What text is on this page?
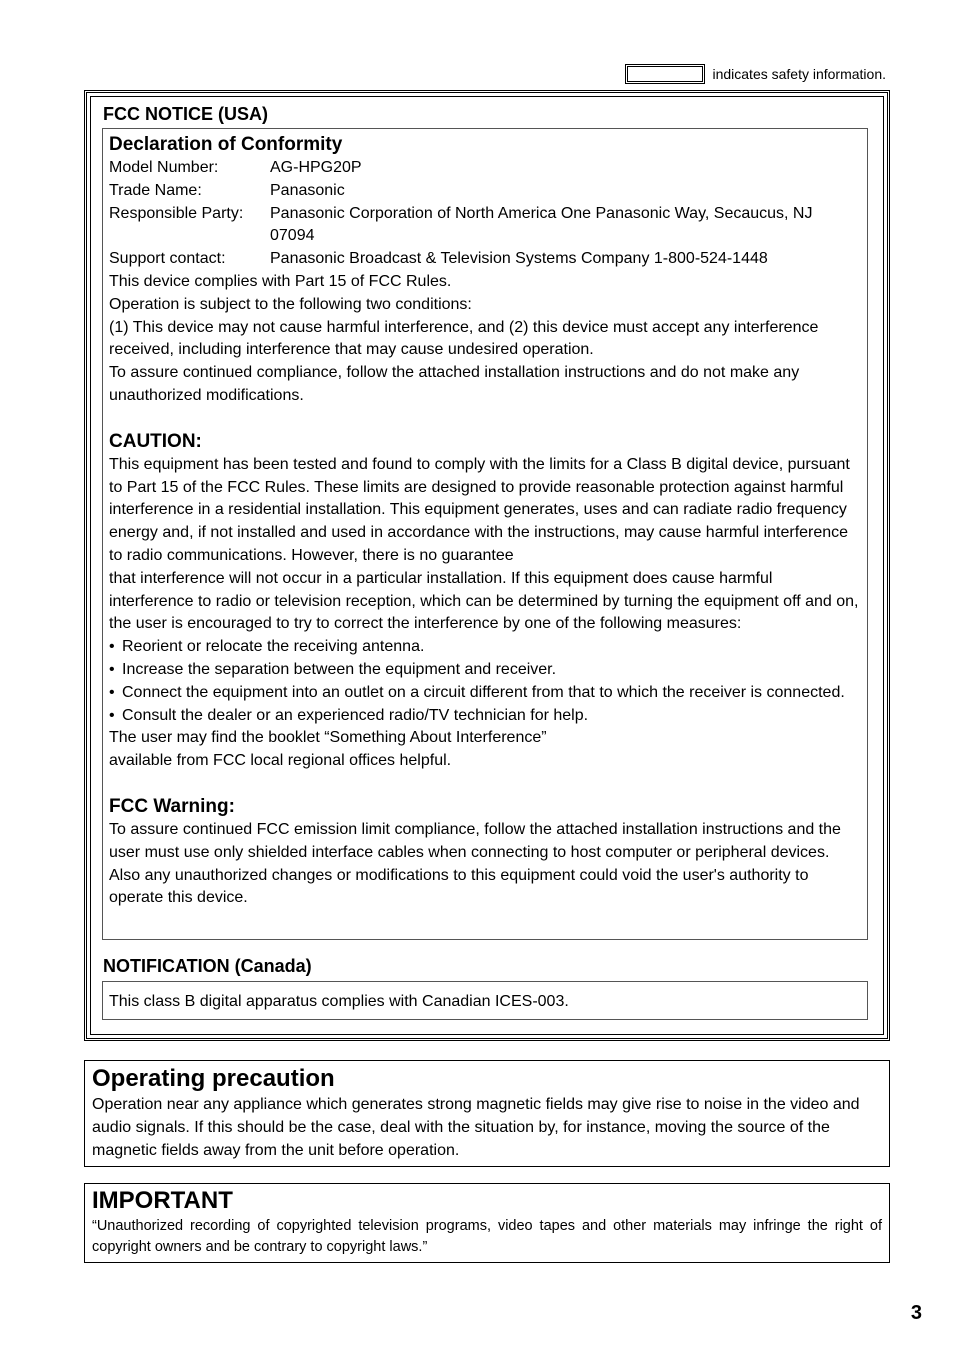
indicates safety information.
FCC NOTICE (USA)
Declaration of Conformity
Model Number:	AG-HPG20P
Trade Name:	Panasonic
Responsible Party:	Panasonic Corporation of North America One Panasonic Way, Secaucus, NJ 07094
Support contact:	Panasonic Broadcast & Television Systems Company 1-800-524-1448
This device complies with Part 15 of FCC Rules.
Operation is subject to the following two conditions:
(1) This device may not cause harmful interference, and (2) this device must accept any interference received, including interference that may cause undesired operation.
To assure continued compliance, follow the attached installation instructions and do not make any unauthorized modifications.
CAUTION:
This equipment has been tested and found to comply with the limits for a Class B digital device, pursuant to Part 15 of the FCC Rules. These limits are designed to provide reasonable protection against harmful interference in a residential installation. This equipment generates, uses and can radiate radio frequency energy and, if not installed and used in accordance with the instructions, may cause harmful interference to radio communications. However, there is no guarantee
that interference will not occur in a particular installation. If this equipment does cause harmful interference to radio or television reception, which can be determined by turning the equipment off and on, the user is encouraged to try to correct the interference by one of the following measures:
• Reorient or relocate the receiving antenna.
• Increase the separation between the equipment and receiver.
• Connect the equipment into an outlet on a circuit different from that to which the receiver is connected.
• Consult the dealer or an experienced radio/TV technician for help.
The user may find the booklet “Something About Interference”
available from FCC local regional offices helpful.
FCC Warning:
To assure continued FCC emission limit compliance, follow the attached installation instructions and the user must use only shielded interface cables when connecting to host computer or peripheral devices. Also any unauthorized changes or modifications to this equipment could void the user's authority to operate this device.
NOTIFICATION (Canada)
This class B digital apparatus complies with Canadian ICES-003.
Operating precaution
Operation near any appliance which generates strong magnetic fields may give rise to noise in the video and audio signals. If this should be the case, deal with the situation by, for instance, moving the source of the magnetic fields away from the unit before operation.
IMPORTANT
“Unauthorized recording of copyrighted television programs, video tapes and other materials may infringe the right of copyright owners and be contrary to copyright laws.”
3
